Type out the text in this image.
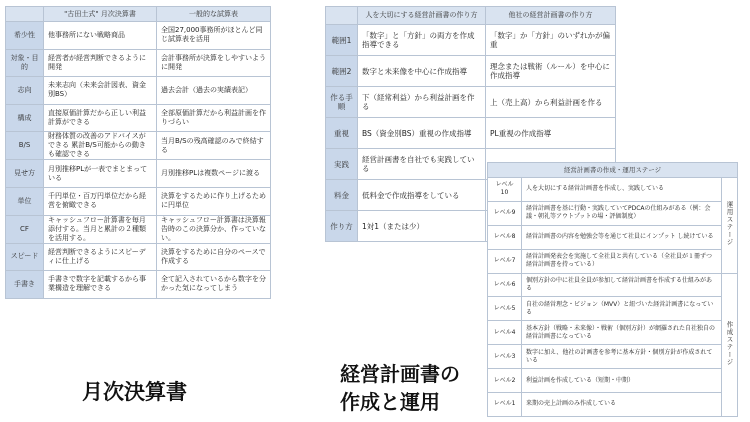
	"古田土式" 月次決算書	一般的な試算表
希少性	他事務所にない戦略商品	全国27,000事務所がほとんど同じ試算表を活用
対象・目的	経営者が経営判断できるように開発	会計事務所が決算をしやすいように開発
志向	未来志向（未来会計図表、資金別BS）	過去会計（過去の実績表記）
構成	直接原価計算だから正しい利益計算ができる	全部原価計算だから利益計画を作りづらい
B/S	財務体質の改善のアドバイスができる 累計B/S可能からの動きも確認できる	当月B/Sの残高確認のみで終結する
見せ方	月別推移PLが一表でまとまっている	月別推移PLは複数ページに渡る
単位	千円単位・百万円単位だから経営を俯瞰できる	決算をするために作り上げるために円単位
CF	キャッシュフロー計算書を毎月添付する。当月と累計の２種類を活用する。	キャッシュフロー計算書は決算報告時のこの決算分か、作っていない。
スピード	経営判断できるようにスピーディに仕上げる	決算をするために自分のペースで作成する
手書き	手書きで数字を記載するから事業構造を理解できる	全て記入されているから数字を分かった気になってしまう
	人を大切にする経営計画書の作り方	他社の経営計画書の作り方
範囲1	「数字」と「方針」の両方を作成指導できる	「数字」か「方針」のいずれかが偏重
範囲2	数字と未来像を中心に作成指導	理念または戦術（ルール）を中心に作成指導
作る手順	下（経常利益）から利益計画を作る	上（売上高）から利益計画を作る
重視	BS（資金別BS）重視の作成指導	PL重視の作成指導
実践	経営計画書を自社でも実践している	
料金	低料金で作成指導をしている	
作り方	1対1（または少）	
経営計画書の作成・運用ステージ		
レベル10	人を大切にする経営計画書を作成し、実践している	運用ステージ
レベル9	経営計画書を基に行動・実践していてPDCAの仕組みがある（例：会議・朝礼等アウトプットの場・評価制度）	
レベル8	経営計画書の内容を勉強会等を通じて社員にインプット し続けている	
レベル7	経営計画発表会を実施して全社員と共有している（全社員が１冊ずつ経営計画書を持っている）	
レベル6	個別方針の中に社員全員が参加して経営計画書を作成する仕組みがある	作成ステージ
レベル5	自社の経営理念・ビジョン（MVV）と紐づいた経営計画書になっている	
レベル4	基本方針（戦略・未来像）・戦術（個別方針）が網羅された自社独自の経営計画書になっている	
レベル3	数字に加え、他社の計画書を参考に基本方針・個別方針が作成されている	
レベル2	利益計画を作成している（短期・中期）	
レベル1	来期の売上計画のみ作成している	
月次決算書
経営計画書の
作成と運用
